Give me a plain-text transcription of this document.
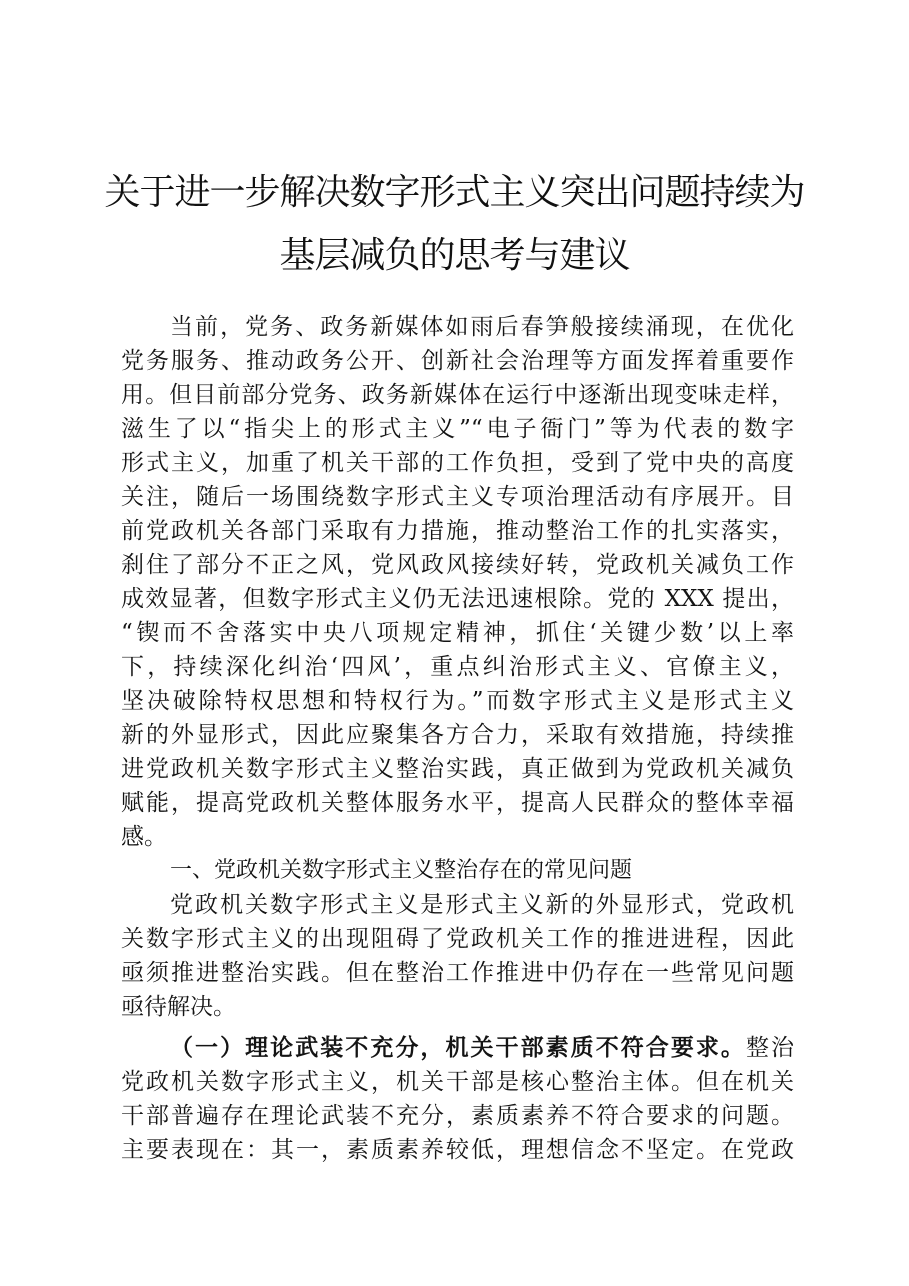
关于进一步解决数字形式主义突出问题持续为
基层减负的思考与建议
当前，党务、政务新媒体如雨后春笋般接续涌现，在优化
党务服务、推动政务公开、创新社会治理等方面发挥着重要作
用。但目前部分党务、政务新媒体在运行中逐渐出现变味走样，
滋生了以“指尖上的形式主义”“电子衙门”等为代表的数字
形式主义，加重了机关干部的工作负担，受到了党中央的高度
关注，随后一场围绕数字形式主义专项治理活动有序展开。目
前党政机关各部门采取有力措施，推动整治工作的扎实落实，
刹住了部分不正之风，党风政风接续好转，党政机关减负工作
成效显著，但数字形式主义仍无法迅速根除。党的 XXX 提出，
“锲而不舍落实中央八项规定精神，抓住‘关键少数’以上率
下，持续深化纠治‘四风’，重点纠治形式主义、官僚主义，
坚决破除特权思想和特权行为。”而数字形式主义是形式主义
新的外显形式，因此应聚集各方合力，采取有效措施，持续推
进党政机关数字形式主义整治实践，真正做到为党政机关减负
赋能，提高党政机关整体服务水平，提高人民群众的整体幸福
感。
一、党政机关数字形式主义整治存在的常见问题
党政机关数字形式主义是形式主义新的外显形式，党政机
关数字形式主义的出现阻碍了党政机关工作的推进进程，因此
亟须推进整治实践。但在整治工作推进中仍存在一些常见问题
亟待解决。
（一）理论武装不充分，机关干部素质不符合要求。整治
党政机关数字形式主义，机关干部是核心整治主体。但在机关
干部普遍存在理论武装不充分，素质素养不符合要求的问题。
主要表现在：其一，素质素养较低，理想信念不坚定。在党政
